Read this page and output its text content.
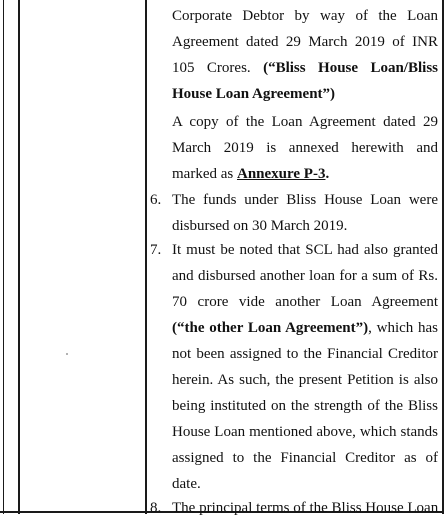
Corporate Debtor by way of the Loan
Agreement dated 29 March 2019 of INR
105 Crores. (“Bliss House Loan/Bliss
House Loan Agreement”)
A copy of the Loan Agreement dated 29
March 2019 is annexed herewith and
marked as Annexure P-3.
6. The funds under Bliss House Loan were
disbursed on 30 March 2019.
7. It must be noted that SCL had also granted
and disbursed another loan for a sum of Rs.
70 crore vide another Loan Agreement
(“the other Loan Agreement”), which has
not been assigned to the Financial Creditor
herein. As such, the present Petition is also
being instituted on the strength of the Bliss
House Loan mentioned above, which stands
assigned to the Financial Creditor as of
date.
8. The principal terms of the Bliss House Loan
